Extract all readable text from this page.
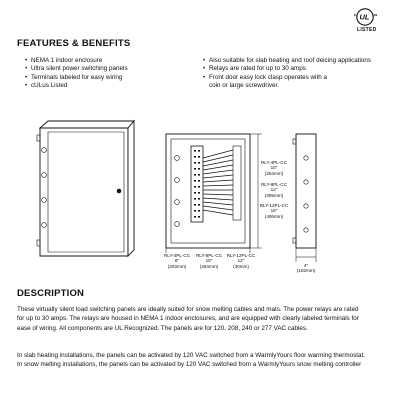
c UL us
LISTED
FEATURES & BENEFITS
• NEMA 1 indoor enclosure
• Ultra silent power switching panels
• Terminals labeled for easy wiring
• cULus Listed
• Also suitable for slab heating and roof deicing applications
• Relays are rated for up to 30 amps
• Front door easy lock clasp operates with a
coin or large screwdriver.
RLY-4PL-CC
10"
(254mm)
RLY-8PL-CC
12"
(305mm)
RLY-12PL-CC
16"
(406mm)
RLY-4PL-CC
8"
(203mm)
RLY-8PL-CC
10"
(254mm)
RLY-12PL-CC
12"
(30mm)	4"
(102mm)
DESCRIPTION
These virtually silent load switching panels are ideally suited for snow melting cables and mats. The power relays are rated
for up to 30 amps. The relays are housed in NEMA 1 indoor enclosures, and are equipped with clearly labeled terminals for
ease of wiring. All components are UL Recognized. The panels are for 120, 208, 240 or 277 VAC cables.
In slab heating installations, the panels can be activated by 120 VAC switched from a WarmlyYours floor warming thermostat.
In snow melting installations, the panels can be activated by 120 VAC switched from a WarmlyYours snow melting controller
